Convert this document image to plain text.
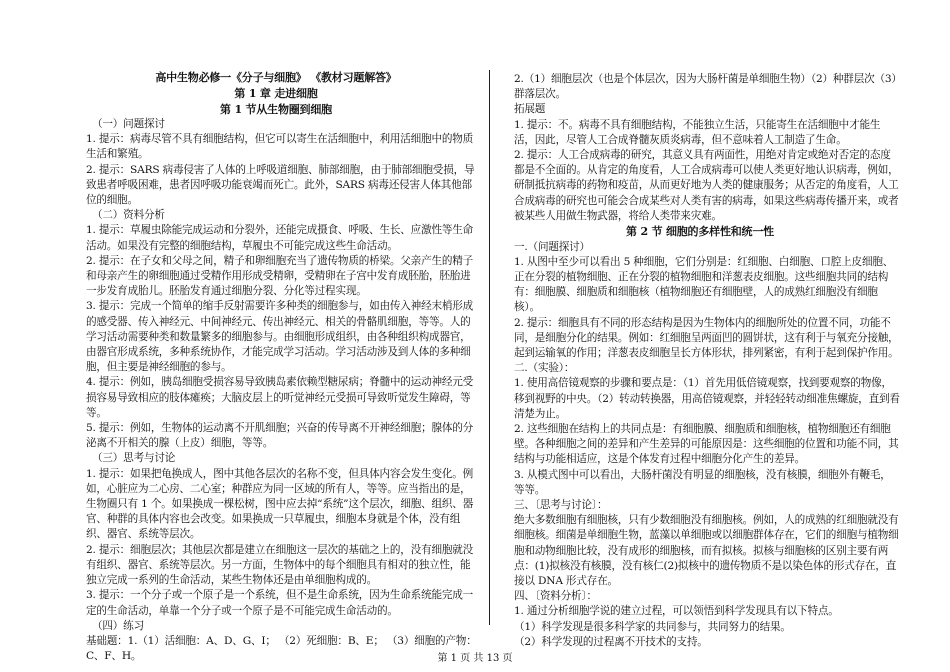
高中生物必修一《分子与细胞》 《教材习题解答》

第 1 章 走进细胞

第 1 节从生物圈到细胞

（一）问题探讨

1. 提示：病毒尽管不具有细胞结构，但它可以寄生在活细胞中，利用活细胞中的物质生活和繁殖。

2. 提示：SARS 病毒侵害了人体的上呼吸道细胞、肺部细胞，由于肺部细胞受损，导致患者呼吸困难，患者因呼吸功能衰竭而死亡。此外，SARS 病毒还侵害人体其他部位的细胞。

（二）资料分析

1. 提示：草履虫除能完成运动和分裂外，还能完成摄食、呼吸、生长、应激性等生命活动。如果没有完整的细胞结构，草履虫不可能完成这些生命活动。

2. 提示：在子女和父母之间，精子和卵细胞充当了遗传物质的桥梁。父亲产生的精子和母亲产生的卵细胞通过受精作用形成受精卵，受精卵在子宫中发育成胚胎，胚胎进一步发育成胎儿。胚胎发育通过细胞分裂、分化等过程实现。

3. 提示：完成一个简单的缩手反射需要许多种类的细胞参与，如由传入神经末梢形成的感受器、传入神经元、中间神经元、传出神经元、相关的骨骼肌细胞，等等。人的学习活动需要种类和数量繁多的细胞参与。由细胞形成组织，由各种组织构成器官，由器官形成系统，多种系统协作，才能完成学习活动。学习活动涉及到人体的多种细胞，但主要是神经细胞的参与。

4. 提示：例如，胰岛细胞受损容易导致胰岛素依赖型糖尿病；脊髓中的运动神经元受损容易导致相应的肢体瘫痪；大脑皮层上的听觉神经元受损可导致听觉发生障碍，等等。

5. 提示：例如，生物体的运动离不开肌细胞；兴奋的传导离不开神经细胞；腺体的分泌离不开相关的腺（上皮）细胞，等等。

（三）思考与讨论

1. 提示：如果把龟换成人，图中其他各层次的名称不变，但具体内容会发生变化。例如，心脏应为二心房、二心室；种群应为同一区域的所有人，等等。应当指出的是，生物圈只有 1 个。如果换成一棵松树，图中应去掉“系统”这个层次，细胞、组织、器官、种群的具体内容也会改变。如果换成一只草履虫，细胞本身就是个体，没有组织、器官、系统等层次。

2. 提示：细胞层次；其他层次都是建立在细胞这一层次的基础之上的，没有细胞就没有组织、器官、系统等层次。另一方面，生物体中的每个细胞具有相对的独立性，能独立完成一系列的生命活动，某些生物体还是由单细胞构成的。

3. 提示：一个分子或一个原子是一个系统，但不是生命系统，因为生命系统能完成一定的生命活动，单靠一个分子或一个原子是不可能完成生命活动的。

（四）练习

基础题：1.（1）活细胞：A、D、G、I； （2）死细胞：B、E； （3）细胞的产物：C、F、H。

2.（1）细胞层次（也是个体层次，因为大肠杆菌是单细胞生物）（2）种群层次（3）群落层次。

拓展题

1. 提示：不。病毒不具有细胞结构，不能独立生活，只能寄生在活细胞中才能生活，因此，尽管人工合成脊髓灰质炎病毒，但不意味着人工制造了生命。

2. 提示：人工合成病毒的研究，其意义具有两面性，用绝对肯定或绝对否定的态度都是不全面的。从肯定的角度看，人工合成病毒可以使人类更好地认识病毒，例如，研制抵抗病毒的药物和疫苗，从而更好地为人类的健康服务；从否定的角度看，人工合成病毒的研究也可能会合成某些对人类有害的病毒，如果这些病毒传播开来，或者被某些人用做生物武器，将给人类带来灾难。

第 2 节 细胞的多样性和统一性

一.（问题探讨）

1. 从图中至少可以看出 5 种细胞，它们分别是：红细胞、白细胞、口腔上皮细胞、正在分裂的植物细胞、正在分裂的植物细胞和洋葱表皮细胞。这些细胞共同的结构有：细胞膜、细胞质和细胞核（植物细胞还有细胞壁，人的成熟红细胞没有细胞核）。

2. 提示：细胞具有不同的形态结构是因为生物体内的细胞所处的位置不同，功能不同，是细胞分化的结果。例如：红细胞呈两面凹的圆饼状，这有利于与氧充分接触，起到运输氧的作用；洋葱表皮细胞呈长方体形状，排列紧密，有利于起到保护作用。

二.（实验）：

1. 使用高倍镜观察的步骤和要点是：（1）首先用低倍镜观察，找到要观察的物像，移到视野的中央。（2）转动转换器，用高倍镜观察，并轻轻转动细准焦螺旋，直到看清楚为止。

2. 这些细胞在结构上的共同点是：有细胞膜、细胞质和细胞核，植物细胞还有细胞壁。各种细胞之间的差异和产生差异的可能原因是：这些细胞的位置和功能不同，其结构与功能相适应，这是个体发育过程中细胞分化产生的差异。

3. 从模式图中可以看出，大肠杆菌没有明显的细胞核，没有核膜，细胞外有鞭毛，等等。

三、〔思考与讨论〕：

绝大多数细胞有细胞核，只有少数细胞没有细胞核。例如，人的成熟的红细胞就没有细胞核。细菌是单细胞生物，蓝藻以单细胞或以细胞群体存在，它们的细胞与植物细胞和动物细胞比较，没有成形的细胞核，而有拟核。拟核与细胞核的区别主要有两点：(1)拟核没有核膜，没有核仁(2)拟核中的遗传物质不是以染色体的形式存在，直接以 DNA 形式存在。

四、〔资料分析〕：

1. 通过分析细胞学说的建立过程，可以领悟到科学发现具有以下特点。

（1）科学发现是很多科学家的共同参与，共同努力的结果。

（2）科学发现的过程离不开技术的支持。

第 1 页 共 13 页
